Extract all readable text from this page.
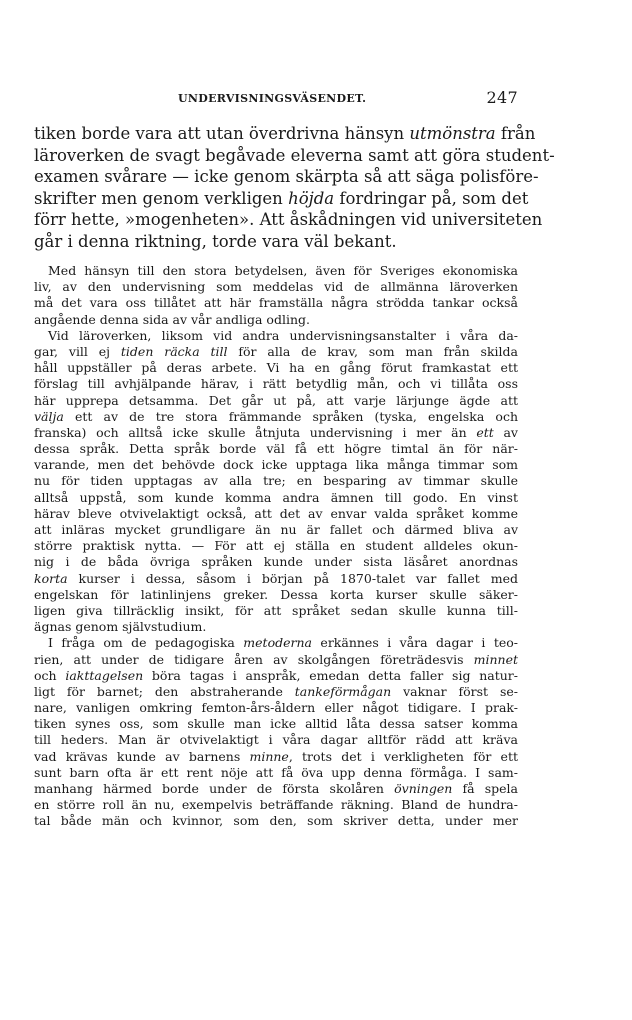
UNDERVISNINGSVÄSENDET.	247
tiken borde vara att utan överdrivna hänsyn utmönstra från
läroverken de svagt begåvade eleverna samt att göra student-
examen svårare — icke genom skärpta så att säga polisföre-
skrifter men genom verkligen höjda fordringar på, som det
förr hette, »mogenheten». Att åskådningen vid universiteten
går i denna riktning, torde vara väl bekant.
Med hänsyn till den stora betydelsen, även för Sveriges ekonomiska
liv, av den undervisning som meddelas vid de allmänna läroverken
må det vara oss tillåtet att här framställa några strödda tankar också
angående denna sida av vår andliga odling.
Vid läroverken, liksom vid andra undervisningsanstalter i våra da-
gar, vill ej tiden räcka till för alla de krav, som man från skilda
håll uppställer på deras arbete. Vi ha en gång förut framkastat ett
förslag till avhjälpande härav, i rätt betydlig mån, och vi tillåta oss
här upprepa detsamma. Det går ut på, att varje lärjunge ägde att
välja ett av de tre stora främmande språken (tyska, engelska och
franska) och alltså icke skulle åtnjuta undervisning i mer än ett av
dessa språk. Detta språk borde väl få ett högre timtal än för när-
varande, men det behövde dock icke upptaga lika många timmar som
nu för tiden upptagas av alla tre; en besparing av timmar skulle
alltså uppstå, som kunde komma andra ämnen till godo. En vinst
härav bleve otvivelaktigt också, att det av envar valda språket komme
att inläras mycket grundligare än nu är fallet och därmed bliva av
större praktisk nytta. — För att ej ställa en student alldeles okun-
nig i de båda övriga språken kunde under sista läsåret anordnas
korta kurser i dessa, såsom i början på 1870-talet var fallet med
engelskan för latinlinjens greker. Dessa korta kurser skulle säker-
ligen giva tillräcklig insikt, för att språket sedan skulle kunna till-
ägnas genom självstudium.
I fråga om de pedagogiska metoderna erkännes i våra dagar i teo-
rien, att under de tidigare åren av skolgången företrädesvis minnet
och iakttagelsen böra tagas i anspråk, emedan detta faller sig natur-
ligt för barnet; den abstraherande tankeförmågan vaknar först se-
nare, vanligen omkring femton-års-åldern eller något tidigare. I prak-
tiken synes oss, som skulle man icke alltid låta dessa satser komma
till heders. Man är otvivelaktigt i våra dagar alltför rädd att kräva
vad krävas kunde av barnens minne, trots det i verkligheten för ett
sunt barn ofta är ett rent nöje att få öva upp denna förmåga. I sam-
manhang härmed borde under de första skolåren övningen få spela
en större roll än nu, exempelvis beträffande räkning. Bland de hundra-
tal både män och kvinnor, som den, som skriver detta, under mer
